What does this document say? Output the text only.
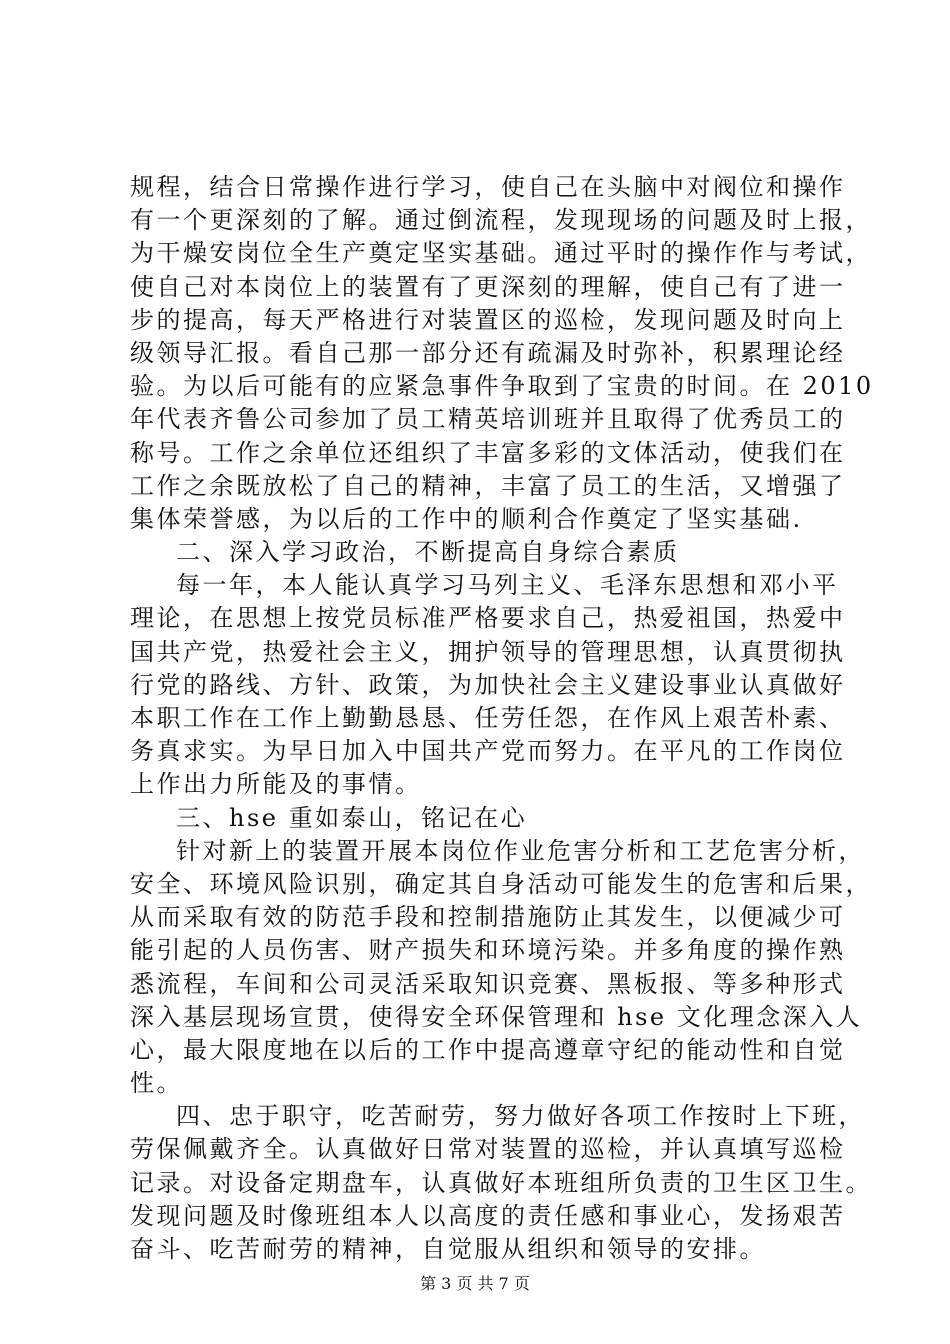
规程，结合日常操作进行学习，使自己在头脑中对阀位和操作
有一个更深刻的了解。通过倒流程，发现现场的问题及时上报，
为干燥安岗位全生产奠定坚实基础。通过平时的操作作与考试，
使自己对本岗位上的装置有了更深刻的理解，使自己有了进一
步的提高，每天严格进行对装置区的巡检，发现问题及时向上
级领导汇报。看自己那一部分还有疏漏及时弥补，积累理论经
验。为以后可能有的应紧急事件争取到了宝贵的时间。在 2010
年代表齐鲁公司参加了员工精英培训班并且取得了优秀员工的
称号。工作之余单位还组织了丰富多彩的文体活动，使我们在
工作之余既放松了自己的精神，丰富了员工的生活，又增强了
集体荣誉感，为以后的工作中的顺利合作奠定了坚实基础.
二、深入学习政治，不断提高自身综合素质
每一年，本人能认真学习马列主义、毛泽东思想和邓小平
理论，在思想上按党员标准严格要求自己，热爱祖国，热爱中
国共产党，热爱社会主义，拥护领导的管理思想，认真贯彻执
行党的路线、方针、政策，为加快社会主义建设事业认真做好
本职工作在工作上勤勤恳恳、任劳任怨，在作风上艰苦朴素、
务真求实。为早日加入中国共产党而努力。在平凡的工作岗位
上作出力所能及的事情。
三、hse 重如泰山，铭记在心
针对新上的装置开展本岗位作业危害分析和工艺危害分析，
安全、环境风险识别，确定其自身活动可能发生的危害和后果，
从而采取有效的防范手段和控制措施防止其发生，以便减少可
能引起的人员伤害、财产损失和环境污染。并多角度的操作熟
悉流程，车间和公司灵活采取知识竞赛、黑板报、等多种形式
深入基层现场宣贯，使得安全环保管理和 hse 文化理念深入人
心，最大限度地在以后的工作中提高遵章守纪的能动性和自觉
性。
四、忠于职守，吃苦耐劳，努力做好各项工作按时上下班，
劳保佩戴齐全。认真做好日常对装置的巡检，并认真填写巡检
记录。对设备定期盘车，认真做好本班组所负责的卫生区卫生。
发现问题及时像班组本人以高度的责任感和事业心，发扬艰苦
奋斗、吃苦耐劳的精神，自觉服从组织和领导的安排。
第 3 页 共 7 页
